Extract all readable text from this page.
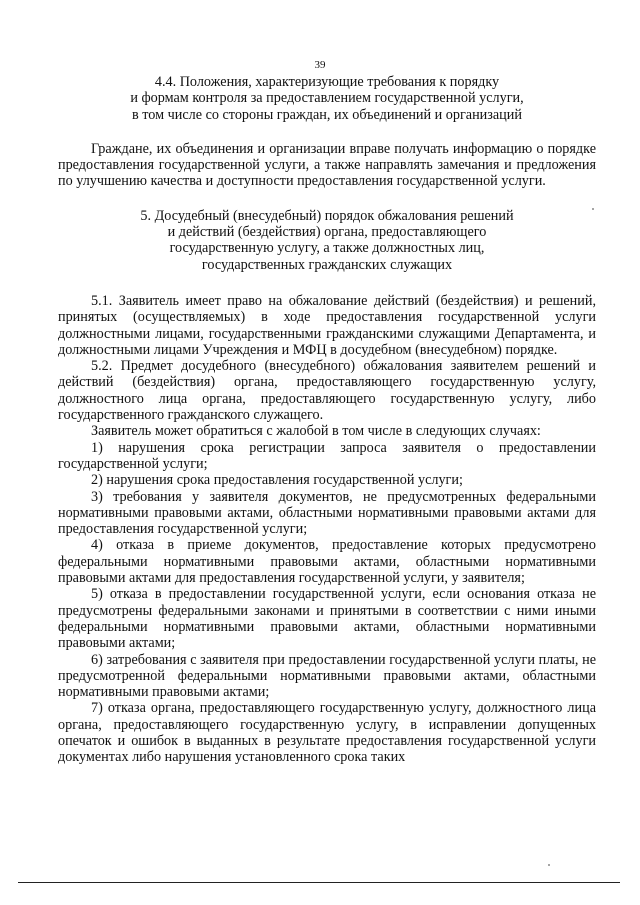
39
4.4. Положения, характеризующие требования к порядку
и формам контроля за предоставлением государственной услуги,
в том числе со стороны граждан, их объединений и организаций

Граждане, их объединения и организации вправе получать информацию о порядке предоставления государственной услуги, а также направлять замечания и предложения по улучшению качества и доступности предоставления государственной услуги.

5. Досудебный (внесудебный) порядок обжалования решений
и действий (бездействия) органа, предоставляющего
государственную услугу, а также должностных лиц,
государственных гражданских служащих

5.1. Заявитель имеет право на обжалование действий (бездействия) и решений, принятых (осуществляемых) в ходе предоставления государственной услуги должностными лицами, государственными гражданскими служащими Департамента, и должностными лицами Учреждения и МФЦ в досудебном (внесудебном) порядке.

5.2. Предмет досудебного (внесудебного) обжалования заявителем решений и действий (бездействия) органа, предоставляющего государственную услугу, должностного лица органа, предоставляющего государственную услугу, либо государственного гражданского служащего.

Заявитель может обратиться с жалобой в том числе в следующих случаях:

1) нарушения срока регистрации запроса заявителя о предоставлении государственной услуги;

2) нарушения срока предоставления государственной услуги;

3) требования у заявителя документов, не предусмотренных федеральными нормативными правовыми актами, областными нормативными правовыми актами для предоставления государственной услуги;

4) отказа в приеме документов, предоставление которых предусмотрено федеральными нормативными правовыми актами, областными нормативными правовыми актами для предоставления государственной услуги, у заявителя;

5) отказа в предоставлении государственной услуги, если основания отказа не предусмотрены федеральными законами и принятыми в соответствии с ними иными федеральными нормативными правовыми актами, областными нормативными правовыми актами;

6) затребования с заявителя при предоставлении государственной услуги платы, не предусмотренной федеральными нормативными правовыми актами, областными нормативными правовыми актами;

7) отказа органа, предоставляющего государственную услугу, должностного лица органа, предоставляющего государственную услугу, в исправлении допущенных опечаток и ошибок в выданных в результате предоставления государственной услуги документах либо нарушения установленного срока таких
